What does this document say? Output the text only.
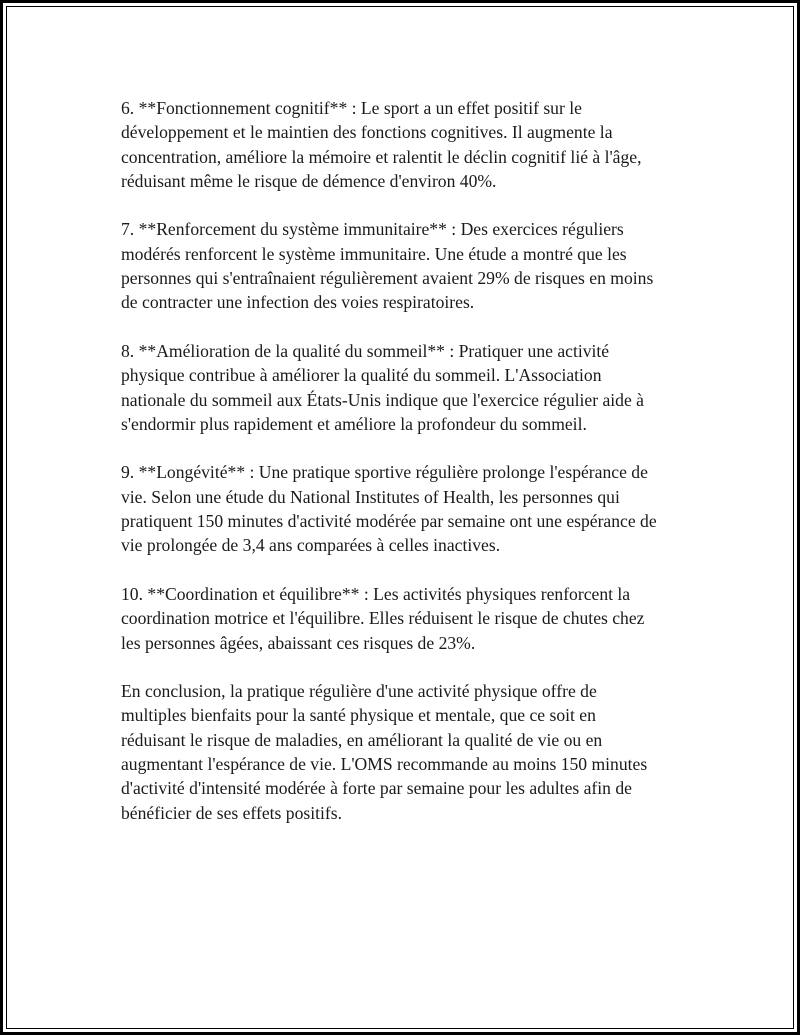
6. **Fonctionnement cognitif** : Le sport a un effet positif sur le
développement et le maintien des fonctions cognitives. Il augmente la
concentration, améliore la mémoire et ralentit le déclin cognitif lié à l'âge,
réduisant même le risque de démence d'environ 40%.

7. **Renforcement du système immunitaire** : Des exercices réguliers
modérés renforcent le système immunitaire. Une étude a montré que les
personnes qui s'entraînaient régulièrement avaient 29% de risques en moins
de contracter une infection des voies respiratoires.

8. **Amélioration de la qualité du sommeil** : Pratiquer une activité
physique contribue à améliorer la qualité du sommeil. L'Association
nationale du sommeil aux États-Unis indique que l'exercice régulier aide à
s'endormir plus rapidement et améliore la profondeur du sommeil.

9. **Longévité** : Une pratique sportive régulière prolonge l'espérance de
vie. Selon une étude du National Institutes of Health, les personnes qui
pratiquent 150 minutes d'activité modérée par semaine ont une espérance de
vie prolongée de 3,4 ans comparées à celles inactives.

10. **Coordination et équilibre** : Les activités physiques renforcent la
coordination motrice et l'équilibre. Elles réduisent le risque de chutes chez
les personnes âgées, abaissant ces risques de 23%.

En conclusion, la pratique régulière d'une activité physique offre de
multiples bienfaits pour la santé physique et mentale, que ce soit en
réduisant le risque de maladies, en améliorant la qualité de vie ou en
augmentant l'espérance de vie. L'OMS recommande au moins 150 minutes
d'activité d'intensité modérée à forte par semaine pour les adultes afin de
bénéficier de ses effets positifs.
